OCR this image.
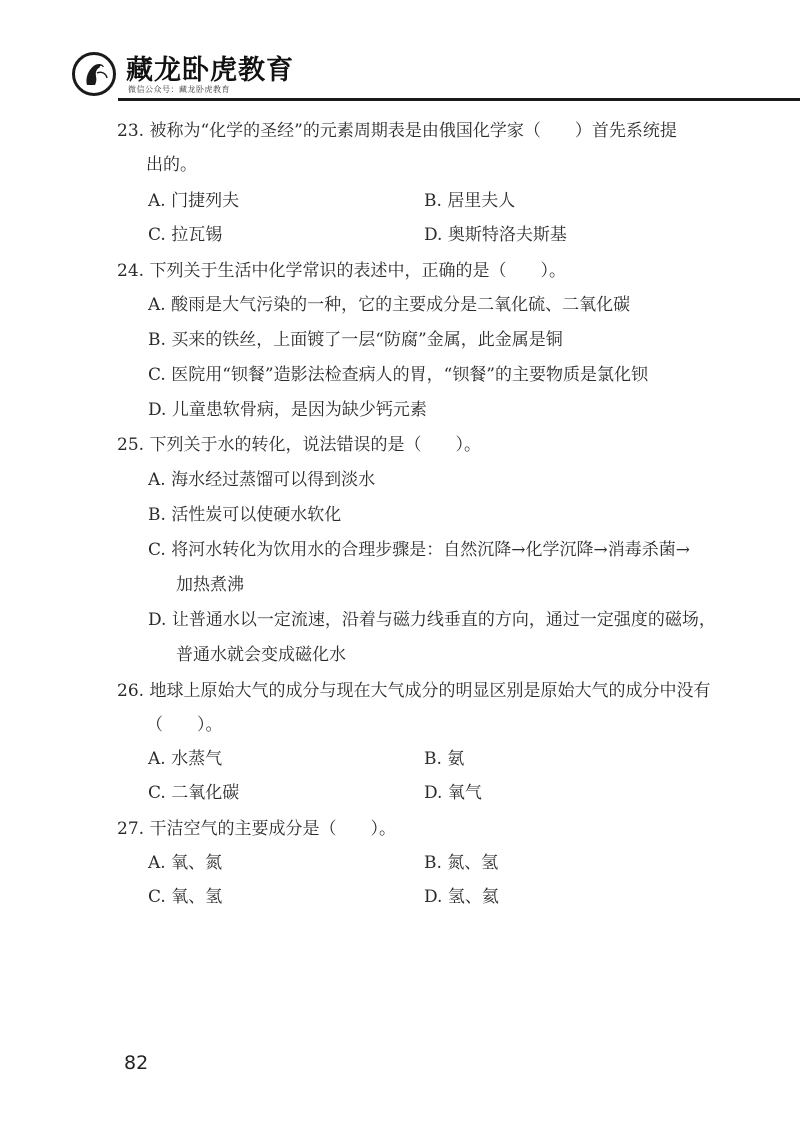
藏龙卧虎教育
微信公众号：藏龙卧虎教育
23. 被称为“化学的圣经”的元素周期表是由俄国化学家（　　）首先系统提
出的。
A. 门捷列夫	B. 居里夫人
C. 拉瓦锡	D. 奥斯特洛夫斯基
24. 下列关于生活中化学常识的表述中，正确的是（　　）。
A. 酸雨是大气污染的一种，它的主要成分是二氧化硫、二氧化碳
B. 买来的铁丝，上面镀了一层“防腐”金属，此金属是铜
C. 医院用“钡餐”造影法检查病人的胃，“钡餐”的主要物质是氯化钡
D. 儿童患软骨病，是因为缺少钙元素
25. 下列关于水的转化，说法错误的是（　　）。
A. 海水经过蒸馏可以得到淡水
B. 活性炭可以使硬水软化
C. 将河水转化为饮用水的合理步骤是：自然沉降→化学沉降→消毒杀菌→
加热煮沸
D. 让普通水以一定流速，沿着与磁力线垂直的方向，通过一定强度的磁场，
普通水就会变成磁化水
26. 地球上原始大气的成分与现在大气成分的明显区别是原始大气的成分中没有
（　　）。
A. 水蒸气	B. 氨
C. 二氧化碳	D. 氧气
27. 干洁空气的主要成分是（　　）。
A. 氧、氮	B. 氮、氢
C. 氧、氢	D. 氢、氦
82
